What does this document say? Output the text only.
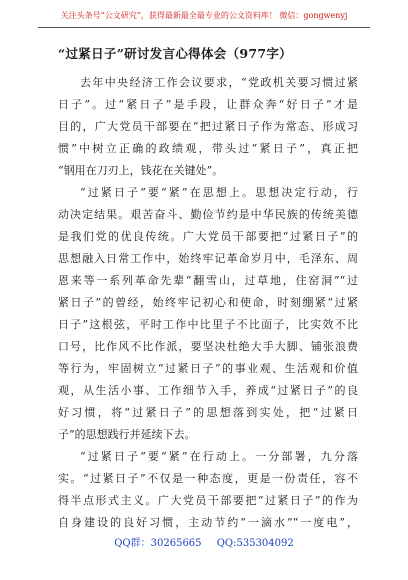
关注头条号“公文研究”，获得最新最全最专业的公文资料库！ 微信：gongwenyj
“过紧日子”研讨发言心得体会（977字）
去年中央经济工作会议要求，“党政机关要习惯过紧
日子”。过“紧日子”是手段，让群众奔“好日子”才是
目的，广大党员干部要在“把过紧日子作为常态、形成习
惯”中树立正确的政绩观，带头过“紧日子”，真正把
“钢用在刀刃上，钱花在关键处”。
“过紧日子”要“紧”在思想上。思想决定行动，行
动决定结果。艰苦奋斗、勤俭节约是中华民族的传统美德
是我们党的优良传统。广大党员干部要把“过紧日子”的
思想融入日常工作中，始终牢记革命岁月中，毛泽东、周
恩来等一系列革命先辈“翻雪山，过草地，住窑洞”“过
紧日子”的曾经，始终牢记初心和使命，时刻绷紧“过紧
日子”这根弦，平时工作中比里子不比面子，比实效不比
口号，比作风不比作派，要坚决杜绝大手大脚、铺张浪费
等行为，牢固树立“过紧日子”的事业观、生活观和价值
观，从生活小事、工作细节入手，养成“过紧日子”的良
好习惯，将“过紧日子”的思想落到实处，把“过紧日
子”的思想践行并延续下去。
“过紧日子”要“紧”在行动上。一分部署，九分落
实。“过紧日子”不仅是一种态度，更是一份责任，容不
得半点形式主义。广大党员干部要把“过紧日子”的作为
自身建设的良好习惯，主动节约“一滴水”“一度电”，
QQ群：30265665 QQ:535304092
